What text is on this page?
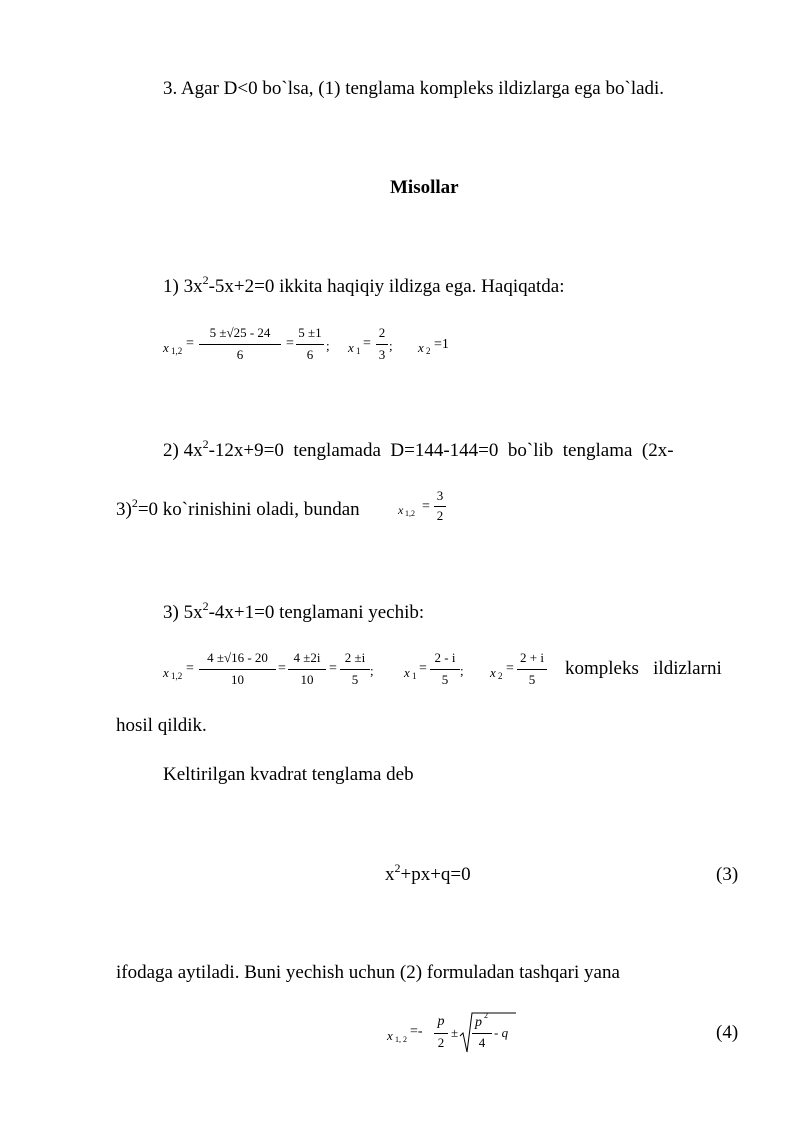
3. Agar D<0 bo`lsa, (1) tenglama kompleks ildizlarga ega bo`ladi.
Misollar
1) $3x^2-5x+2=0$ ikkita haqiqiy ildizga ega. Haqiqatda:
x 1,2 =
5 ±√25 - 24
6
=
5 ±1
6
; x 1 =
2
3
; x 2 =1
2) $4x^2-12x+9=0$  tenglamada  D=144-144=0  bo`lib  tenglama  (2x-
3)$^2$=0 ko`rinishini oladi, bundan	x 1,2 =
3
2
3) $5x^2-4x+1=0$ tenglamani yechib:
x 1,2 =
4 ±√16 - 20
10
=
4 ±2i
10
=
2 ±i
5
; x 1 =
2 - i
5
; x 2 =
2 + i
5
kompleks   ildizlarni
hosil qildik.
Keltirilgan kvadrat tenglama deb
$x^2+px+q=0$	(3)
ifodaga aytiladi. Buni yechish uchun (2) formuladan tashqari yana
x 1, 2
=-
p
2
±
p 2
4
- q	(4)
